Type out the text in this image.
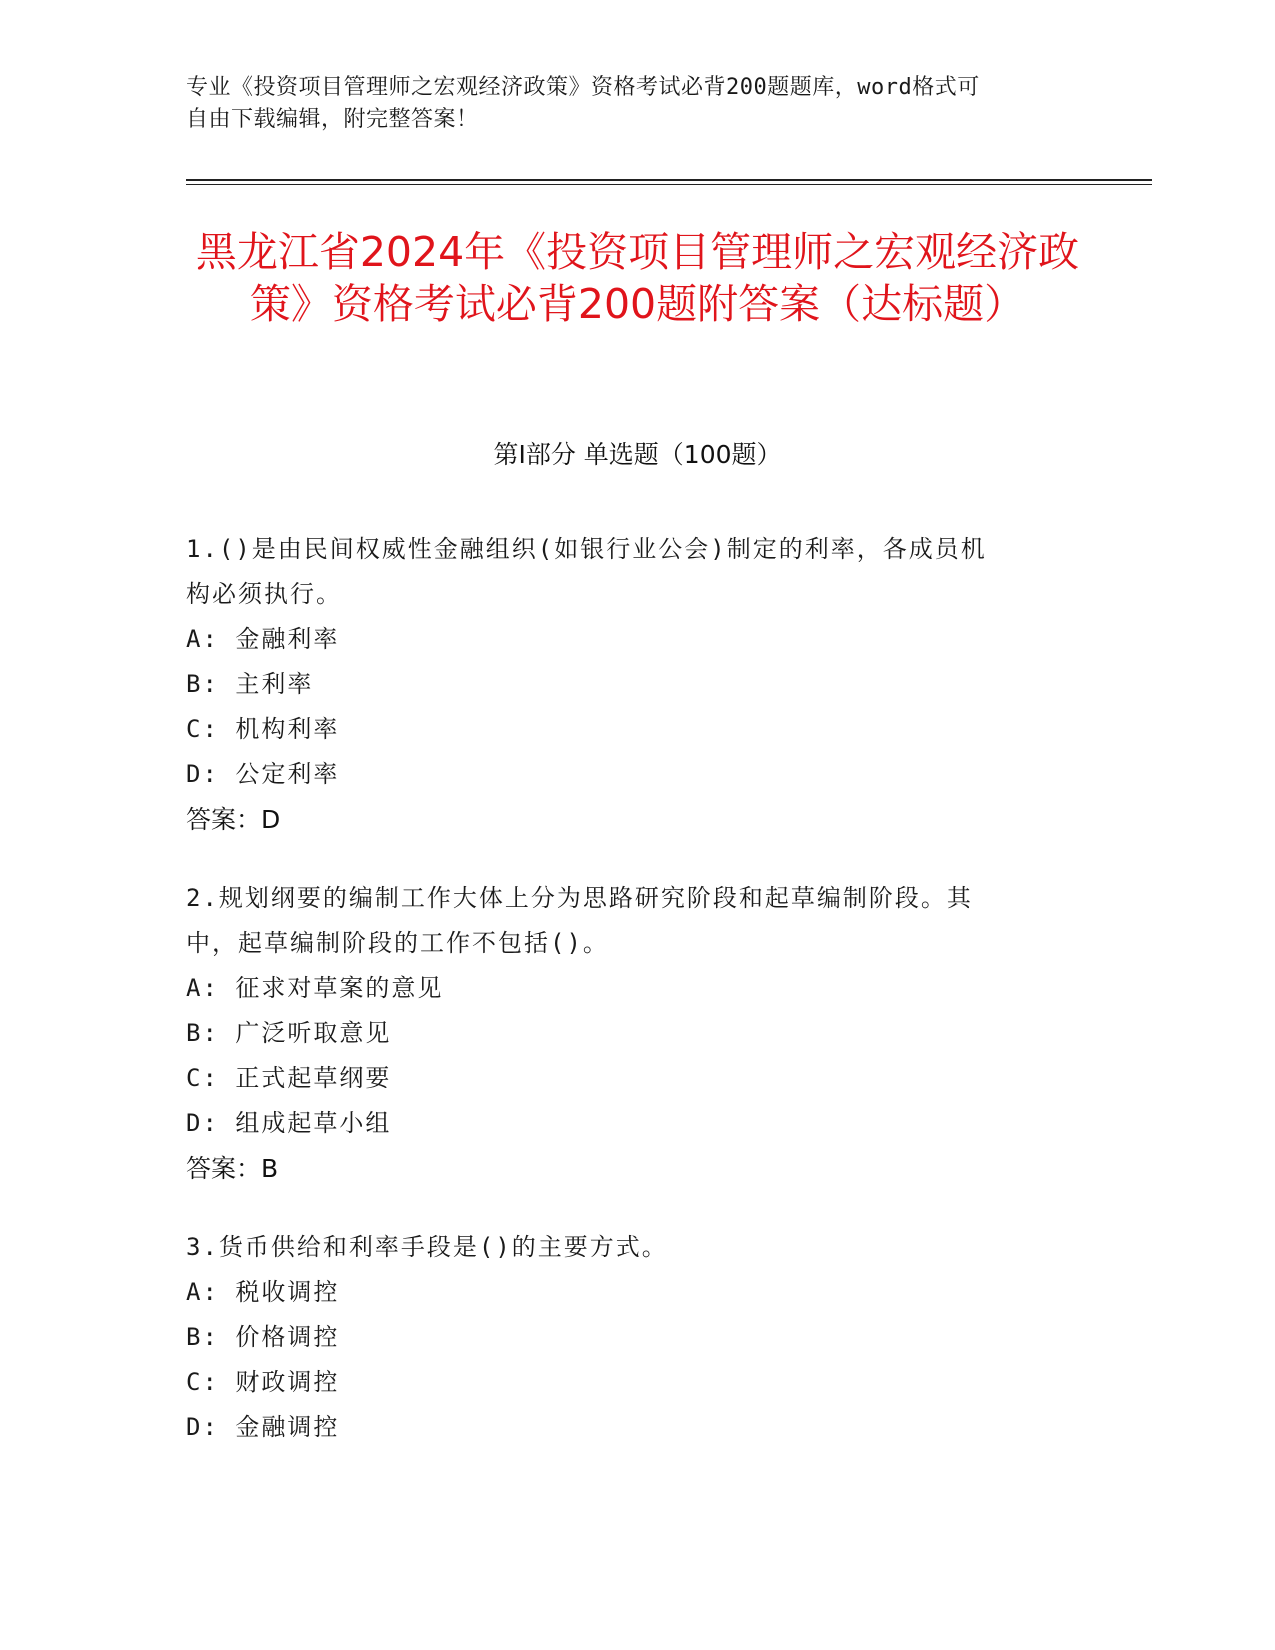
专业《投资项目管理师之宏观经济政策》资格考试必背200题题库，word格式可
自由下载编辑，附完整答案！
黑龙江省2024年《投资项目管理师之宏观经济政策》资格考试必背200题附答案（达标题）
第I部分 单选题（100题）
1.()是由民间权威性金融组织(如银行业公会)制定的利率，各成员机
构必须执行。
A: 金融利率
B: 主利率
C: 机构利率
D: 公定利率
答案：D
2.规划纲要的编制工作大体上分为思路研究阶段和起草编制阶段。其
中，起草编制阶段的工作不包括()。
A: 征求对草案的意见
B: 广泛听取意见
C: 正式起草纲要
D: 组成起草小组
答案：B
3.货币供给和利率手段是()的主要方式。
A: 税收调控
B: 价格调控
C: 财政调控
D: 金融调控
